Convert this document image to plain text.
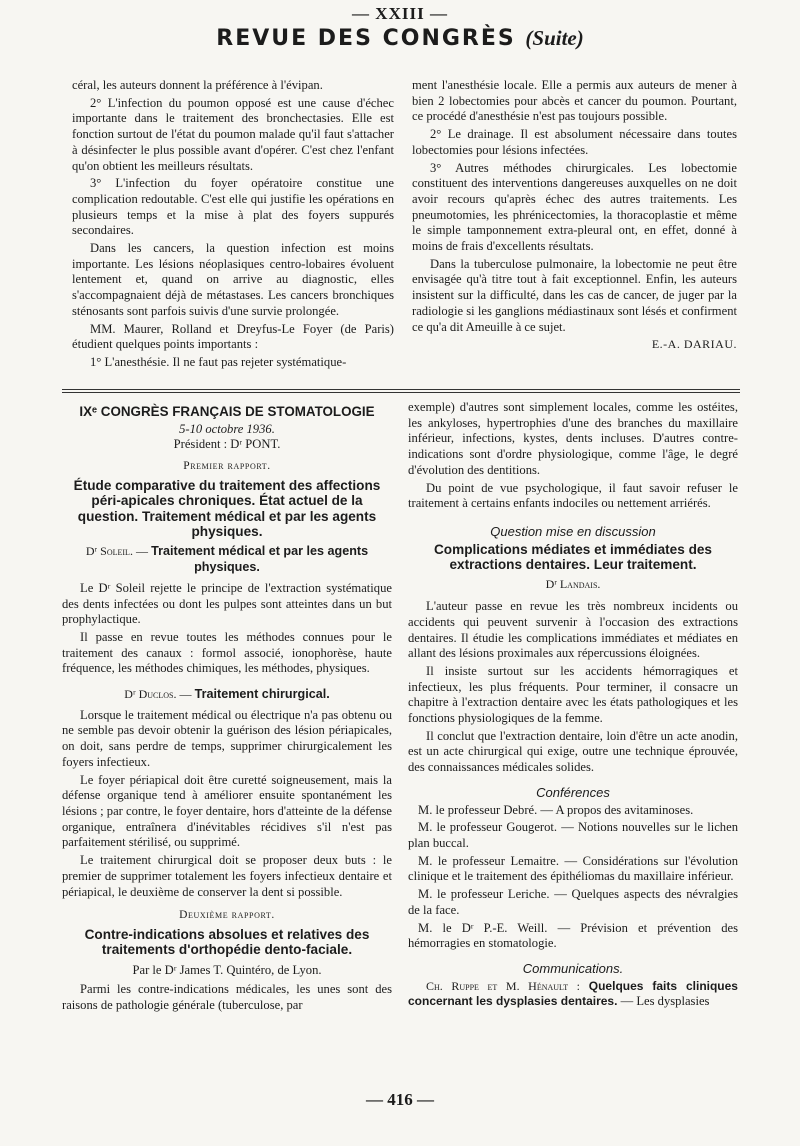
— XXIII —
REVUE DES CONGRÈS (Suite)

céral, les auteurs donnent la préférence à l'évipan.

2° L'infection du poumon opposé est une cause d'échec importante dans le traitement des bronchectasies. Elle est fonction surtout de l'état du poumon malade qu'il faut s'attacher à désinfecter le plus possible avant d'opérer. C'est chez l'enfant qu'on obtient les meilleurs résultats.

3° L'infection du foyer opératoire constitue une complication redoutable. C'est elle qui justifie les opérations en plusieurs temps et la mise à plat des foyers suppurés secondaires.

Dans les cancers, la question infection est moins importante. Les lésions néoplasiques centro-lobaires évoluent lentement et, quand on arrive au diagnostic, elles s'accompagnaient déjà de métastases. Les cancers bronchiques sténosants sont parfois suivis d'une survie prolongée.

MM. Maurer, Rolland et Dreyfus-Le Foyer (de Paris) étudient quelques points importants :

1° L'anesthésie. Il ne faut pas rejeter systématique-

ment l'anesthésie locale. Elle a permis aux auteurs de mener à bien 2 lobectomies pour abcès et cancer du poumon. Pourtant, ce procédé d'anesthésie n'est pas toujours possible.

2° Le drainage. Il est absolument nécessaire dans toutes lobectomies pour lésions infectées.

3° Autres méthodes chirurgicales. Les lobectomie constituent des interventions dangereuses auxquelles on ne doit avoir recours qu'après échec des autres traitements. Les pneumotomies, les phrénicectomies, la thoracoplastie et même le simple tamponnement extra-pleural ont, en effet, donné à moins de frais d'excellents résultats.

Dans la tuberculose pulmonaire, la lobectomie ne peut être envisagée qu'à titre tout à fait exceptionnel. Enfin, les auteurs insistent sur la difficulté, dans les cas de cancer, de juger par la radiologie si les ganglions médiastinaux sont lésés et confirment ce qu'a dit Ameuille à ce sujet.

E.-A. DARIAU.
IXᵉ CONGRÈS FRANÇAIS DE STOMATOLOGIE
5-10 octobre 1936.
Président : Dʳ PONT.
Premier rapport.
Étude comparative du traitement des affections péri-apicales chroniques. État actuel de la question. Traitement médical et par les agents physiques.
Dʳ Soleil. — Traitement médical et par les agents physiques.

Le Dʳ Soleil rejette le principe de l'extraction systématique des dents infectées ou dont les pulpes sont atteintes dans un but prophylactique.

Il passe en revue toutes les méthodes connues pour le traitement des canaux : formol associé, ionophorèse, haute fréquence, les méthodes chimiques, les méthodes, physiques.

Dʳ Duclos. — Traitement chirurgical.

Lorsque le traitement médical ou électrique n'a pas obtenu ou ne semble pas devoir obtenir la guérison des lésion périapicales, on doit, sans perdre de temps, supprimer chirurgicalement les foyers infectieux.

Le foyer périapical doit être curetté soigneusement, mais la défense organique tend à améliorer ensuite spontanément les lésions ; par contre, le foyer dentaire, hors d'atteinte de la défense organique, entraînera d'inévitables récidives s'il n'est pas parfaitement stérilisé, ou supprimé.

Le traitement chirurgical doit se proposer deux buts : le premier de supprimer totalement les foyers infectieux dentaire et périapical, le deuxième de conserver la dent si possible.

Deuxième rapport.
Contre-indications absolues et relatives des traitements d'orthopédie dento-faciale.
Par le Dʳ James T. Quintéro, de Lyon.

Parmi les contre-indications médicales, les unes sont des raisons de pathologie générale (tuberculose, par

exemple) d'autres sont simplement locales, comme les ostéites, les ankyloses, hypertrophies d'une des branches du maxillaire inférieur, infections, kystes, dents incluses. D'autres contre-indications sont d'ordre physiologique, comme l'âge, le degré d'évolution des dentitions.

Du point de vue psychologique, il faut savoir refuser le traitement à certains enfants indociles ou nettement arriérés.

Question mise en discussion
Complications médiates et immédiates des extractions dentaires. Leur traitement.
Dʳ Landais.

L'auteur passe en revue les très nombreux incidents ou accidents qui peuvent survenir à l'occasion des extractions dentaires. Il étudie les complications immédiates et médiates en allant des lésions proximales aux répercussions éloignées.

Il insiste surtout sur les accidents hémorragiques et infectieux, les plus fréquents. Pour terminer, il consacre un chapitre à l'extraction dentaire avec les états pathologiques et les fonctions physiologiques de la femme.

Il conclut que l'extraction dentaire, loin d'être un acte anodin, est un acte chirurgical qui exige, outre une technique éprouvée, des connaissances médicales solides.

Conférences

M. le professeur Debré. — A propos des avitaminoses.

M. le professeur Gougerot. — Notions nouvelles sur le lichen plan buccal.

M. le professeur Lemaitre. — Considérations sur l'évolution clinique et le traitement des épithéliomas du maxillaire inférieur.

M. le professeur Leriche. — Quelques aspects des névralgies de la face.

M. le Dʳ P.-E. Weill. — Prévision et prévention des hémorragies en stomatologie.

Communications.

Ch. Ruppe et M. Hénault : Quelques faits cliniques concernant les dysplasies dentaires. — Les dysplasies

— 416 —
